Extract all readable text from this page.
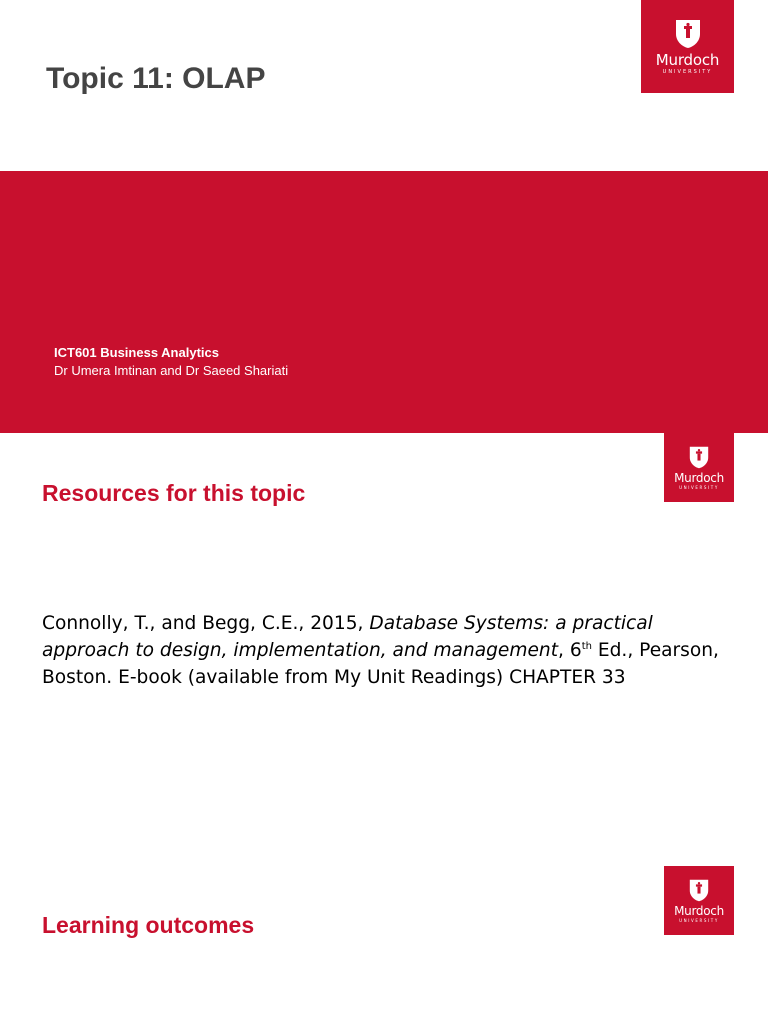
Topic 11: OLAP
Murdoch
UNIVERSITY
ICT601 Business Analytics
Dr Umera Imtinan and Dr Saeed Shariati
Murdoch
UNIVERSITY
Resources for this topic

Connolly, T., and Begg, C.E., 2015, Database Systems: a practical approach to design, implementation, and management, 6th Ed., Pearson, Boston. E-book (available from My Unit Readings) CHAPTER 33

Murdoch
UNIVERSITY
Learning outcomes
